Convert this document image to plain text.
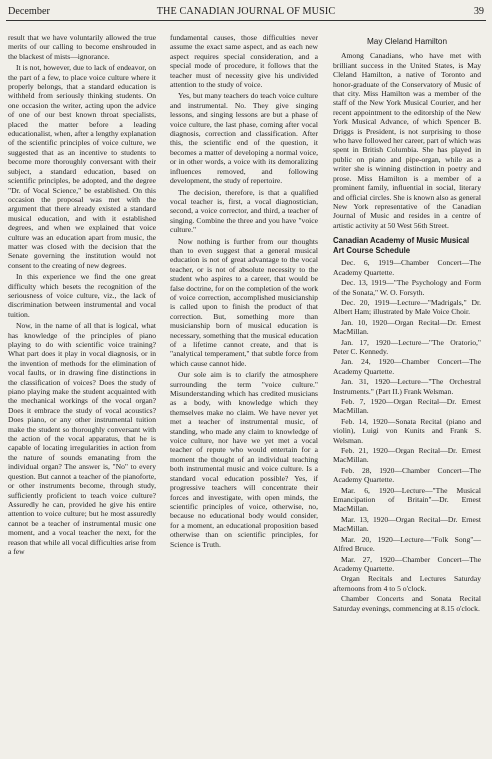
December	THE CANADIAN JOURNAL OF MUSIC	39

result that we have voluntarily allowed the true merits of our calling to become enshrouded in the blackest of mists—ignorance.

It is not, however, due to lack of endeavor, on the part of a few, to place voice culture where it properly belongs, that a standard education is withheld from seriously thinking students. On one occasion the writer, acting upon the advice of one of our best known throat specialists, placed the matter before a leading educationalist, when, after a lengthy explanation of the scientific principles of voice culture, we suggested that as an incentive to students to become more thoroughly conversant with their subject, a standard education, based on scientific principles, be adopted, and the degree "Dr. of Vocal Science," be established. On this occasion the proposal was met with the argument that there already existed a standard musical education, and with it established degrees, and when we explained that voice culture was an education apart from music, the matter was closed with the decision that the Senate governing the institution would not consent to the creating of new degrees.

In this experience we find the one great difficulty which besets the recognition of the seriousness of voice culture, viz., the lack of discrimination between instrumental and vocal tuition.

Now, in the name of all that is logical, what has knowledge of the principles of piano playing to do with scientific voice training? What part does it play in vocal diagnosis, or in the invention of methods for the elimination of vocal faults, or in drawing fine distinctions in the classification of voices? Does the study of piano playing make the student acquainted with the mechanical workings of the vocal organ? Does it embrace the study of vocal acoustics? Does piano, or any other instrumental tuition make the student so thoroughly conversant with the action of the vocal apparatus, that he is capable of locating irregularities in action from the nature of sounds emanating from the individual organ? The answer is, "No" to every question. But cannot a teacher of the pianoforte, or other instruments become, through study, sufficiently proficient to teach voice culture? Assuredly he can, provided he give his entire attention to voice culture; but he most assuredly cannot be a teacher of instrumental music one moment, and a vocal teacher the next, for the reason that while all vocal difficulties arise from a few

fundamental causes, those difficulties never assume the exact same aspect, and as each new aspect requires special consideration, and a special mode of procedure, it follows that the teacher must of necessity give his undivided attention to the study of voice.

Yes, but many teachers do teach voice culture and instrumental. No. They give singing lessons, and singing lessons are but a phase of voice culture, the last phase, coming after vocal diagnosis, correction and classification. After this, the scientific end of the question, it becomes a matter of developing a normal voice, or in other words, a voice with its demoralizing influences removed, and following development, the study of repertoire.

The decision, therefore, is that a qualified vocal teacher is, first, a vocal diagnostician, second, a voice corrector, and third, a teacher of singing. Combine the three and you have "voice culture."

Now nothing is further from our thoughts than to even suggest that a general musical education is not of great advantage to the vocal teacher, or is not of absolute necessity to the student who aspires to a career, that would be false doctrine, for on the completion of the work of voice correction, accomplished musicianship is called upon to finish the product of that correction. But, something more than musicianship born of musical education is necessary, something that the musical education of a lifetime cannot create, and that is "analytical temperament," that subtle force from which cause cannot hide.

Our sole aim is to clarify the atmosphere surrounding the term "voice culture." Misunderstanding which has credited musicians as a body, with knowledge which they themselves make no claim. We have never yet met a teacher of instrumental music, of standing, who made any claim to knowledge of voice culture, nor have we yet met a vocal teacher of repute who would entertain for a moment the thought of an individual teaching both instrumental music and voice culture. Is a standard vocal education possible? Yes, if progressive teachers will concentrate their forces and investigate, with open minds, the scientific principles of voice, otherwise, no, because no educational body would consider, for a moment, an educational proposition based otherwise than on scientific principles, for Science is Truth.

May Cleland Hamilton

Among Canadians, who have met with brilliant success in the United States, is May Cleland Hamilton, a native of Toronto and honor-graduate of the Conservatory of Music of that city. Miss Hamilton was a member of the staff of the New York Musical Courier, and her recent appointment to the editorship of the New York Musical Advance, of which Spencer B. Driggs is President, is not surprising to those who have followed her career, part of which was spent in British Columbia. She has played in public on piano and pipe-organ, while as a writer she is winning distinction in poetry and prose. Miss Hamilton is a member of a prominent family, influential in social, literary and official circles. She is known also as general New York representative of the Canadian Journal of Music and resides in a centre of artistic activity at 50 West 56th Street.

Canadian Academy of Music Musical Art Course Schedule

Dec. 6, 1919—Chamber Concert—The Academy Quartette.

Dec. 13, 1919—"The Psychology and Form of the Sonata," W. O. Forsyth.

Dec. 20, 1919—Lecture—"Madrigals," Dr. Albert Ham; illustrated by Male Voice Choir.

Jan. 10, 1920—Organ Recital—Dr. Ernest MacMillan.

Jan. 17, 1920—Lecture—"The Oratorio," Peter C. Kennedy.

Jan. 24, 1920—Chamber Concert—The Academy Quartette.

Jan. 31, 1920—Lecture—"The Orchestral Instruments." (Part II.) Frank Welsman.

Feb. 7, 1920—Organ Recital—Dr. Ernest MacMillan.

Feb. 14, 1920—Sonata Recital (piano and violin), Luigi von Kunits and Frank S. Welsman.

Feb. 21, 1920—Organ Recital—Dr. Ernest MacMillan.

Feb. 28, 1920—Chamber Concert—The Academy Quartette.

Mar. 6, 1920—Lecture—"The Musical Emancipation of Britain"—Dr. Ernest MacMillan.

Mar. 13, 1920—Organ Recital—Dr. Ernest MacMillan.

Mar. 20, 1920—Lecture—"Folk Song"—Alfred Bruce.

Mar. 27, 1920—Chamber Concert—The Academy Quartette.

Organ Recitals and Lectures Saturday afternoons from 4 to 5 o'clock.

Chamber Concerts and Sonata Recital Saturday evenings, commencing at 8.15 o'clock.
